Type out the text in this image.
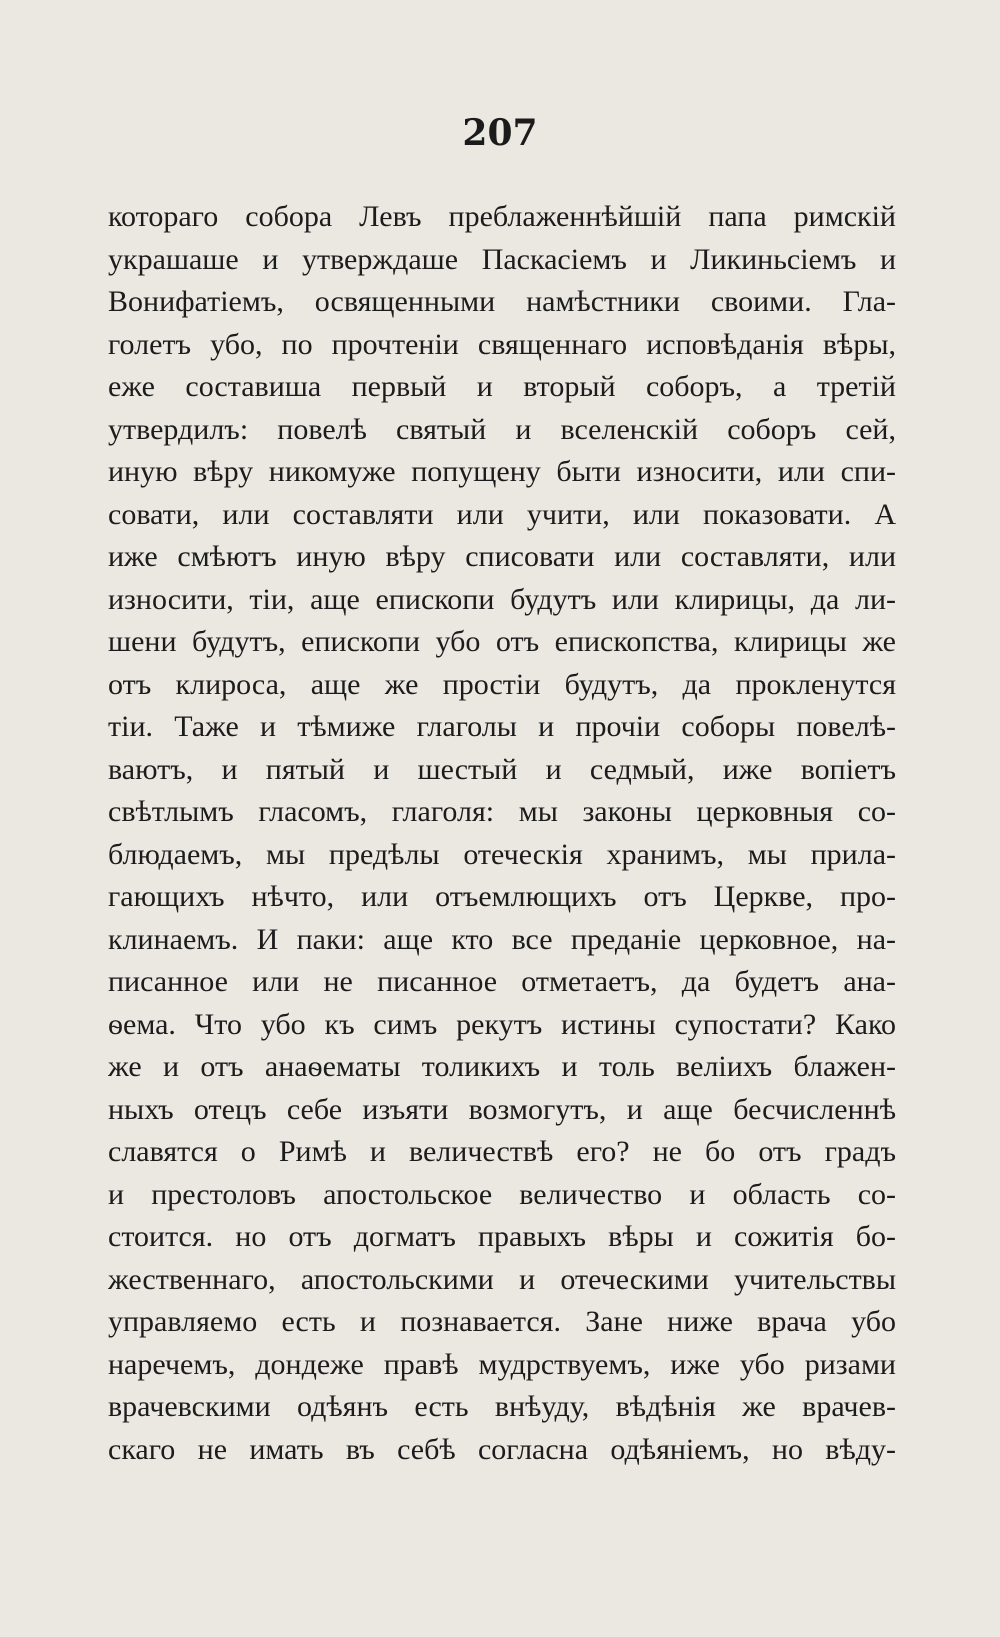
207
котораго собора Левъ преблаженнѣйшій папа римскій
украшаше и утверждаше Паскасіемъ и Ликиньсіемъ и
Вонифатіемъ, освященными намѣстники своими. Гла-
голетъ убо, по прочтеніи священнаго исповѣданія вѣры,
еже составиша первый и вторый соборъ, а третій
утвердилъ: повелѣ святый и вселенскій соборъ сей,
иную вѣру никомуже попущену быти износити, или спи-
совати, или составляти или учити, или показовати. А
иже смѣютъ иную вѣру списовати или составляти, или
износити, тіи, аще епископи будутъ или клирицы, да ли-
шени будутъ, епископи убо отъ епископства, клирицы же
отъ клироса, аще же простіи будутъ, да прокленутся
тіи. Таже и тѣмиже глаголы и прочіи соборы повелѣ-
ваютъ, и пятый и шестый и седмый, иже вопіетъ
свѣтлымъ гласомъ, глаголя: мы законы церковныя со-
блюдаемъ, мы предѣлы отеческія хранимъ, мы прила-
гающихъ нѣчто, или отъемлющихъ отъ Церкве, про-
клинаемъ. И паки: аще кто все преданіе церковное, на-
писанное или не писанное отметаетъ, да будетъ ана-
ѳема. Что убо къ симъ рекутъ истины супостати? Како
же и отъ анаѳематы толикихъ и толь веліихъ блажен-
ныхъ отецъ себе изъяти возмогутъ, и аще бесчисленнѣ
славятся о Римѣ и величествѣ его? не бо отъ градъ
и престоловъ апостольское величество и область со-
стоится. но отъ догматъ правыхъ вѣры и сожитія бо-
жественнаго, апостольскими и отеческими учительствы
управляемо есть и познавается. Зане ниже врача убо
наречемъ, дондеже правѣ мудрствуемъ, иже убо ризами
врачевскими одѣянъ есть внѣуду, вѣдѣнія же врачев-
скаго не имать въ себѣ согласна одѣяніемъ, но вѣду-
